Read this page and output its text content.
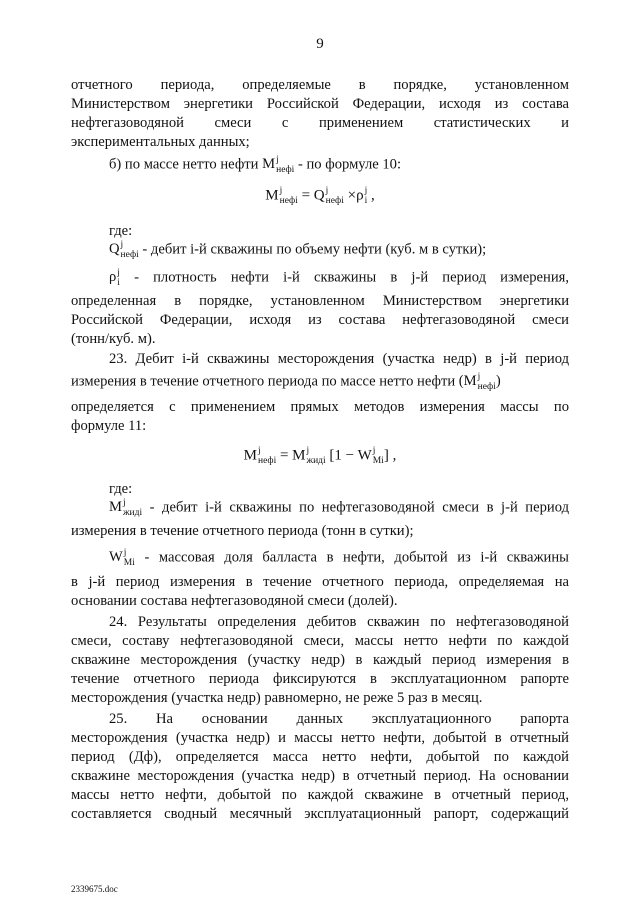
9
отчетного периода, определяемые в порядке, установленном
Министерством энергетики Российской Федерации, исходя из состава
нефтегазоводяной смеси с применением статистических и
экспериментальных данных;
б) по массе нетто нефти M j
нефi - по формуле 10:
M j
нефi = Q j
нефi ×ρ j
i ,
где:
Q j
нефi - дебит i-й скважины по объему нефти (куб. м в сутки);
ρ j
i - плотность нефти i-й скважины в j-й период измерения,
определенная в порядке, установленном Министерством энергетики
Российской Федерации, исходя из состава нефтегазоводяной смеси
(тонн/куб. м).
23. Дебит i-й скважины месторождения (участка недр) в j-й период
измерения в течение отчетного периода по массе нетто нефти (M j
нефi )
определяется с применением прямых методов измерения массы по
формуле 11:
M j
нефi = M j
жидi [1 − W j
Mi ] ,
где:
M j
жидi - дебит i-й скважины по нефтегазоводяной смеси в j-й период
измерения в течение отчетного периода (тонн в сутки);
W j
Mi - массовая доля балласта в нефти, добытой из i-й скважины
в j-й период измерения в течение отчетного периода, определяемая на
основании состава нефтегазоводяной смеси (долей).
24. Результаты определения дебитов скважин по нефтегазоводяной
смеси, составу нефтегазоводяной смеси, массы нетто нефти по каждой
скважине месторождения (участку недр) в каждый период измерения в
течение отчетного периода фиксируются в эксплуатационном рапорте
месторождения (участка недр) равномерно, не реже 5 раз в месяц.
25. На основании данных эксплуатационного рапорта
месторождения (участка недр) и массы нетто нефти, добытой в отчетный
период (Дф), определяется масса нетто нефти, добытой по каждой
скважине месторождения (участка недр) в отчетный период. На основании
массы нетто нефти, добытой по каждой скважине в отчетный период,
составляется сводный месячный эксплуатационный рапорт, содержащий
2339675.doc
